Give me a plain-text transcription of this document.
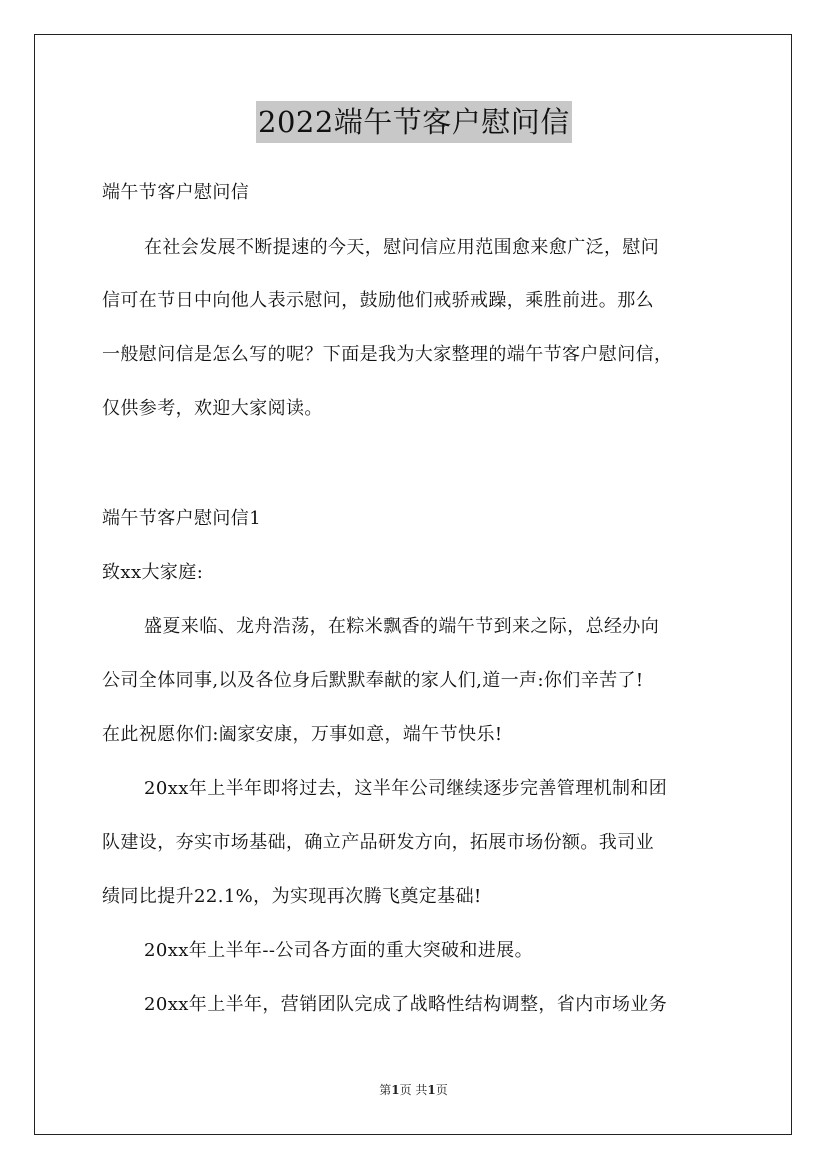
2022端午节客户慰问信
端午节客户慰问信
在社会发展不断提速的今天，慰问信应用范围愈来愈广泛，慰问
信可在节日中向他人表示慰问，鼓励他们戒骄戒躁，乘胜前进。那么
一般慰问信是怎么写的呢？下面是我为大家整理的端午节客户慰问信，
仅供参考，欢迎大家阅读。
端午节客户慰问信1
致xx大家庭:
盛夏来临、龙舟浩荡，在粽米飘香的端午节到来之际，总经办向
公司全体同事,以及各位身后默默奉献的家人们,道一声:你们辛苦了!
在此祝愿你们:阖家安康，万事如意，端午节快乐!
20xx年上半年即将过去，这半年公司继续逐步完善管理机制和团
队建设，夯实市场基础，确立产品研发方向，拓展市场份额。我司业
绩同比提升22.1%，为实现再次腾飞奠定基础!
20xx年上半年--公司各方面的重大突破和进展。
20xx年上半年，营销团队完成了战略性结构调整，省内市场业务
第1页 共1页
